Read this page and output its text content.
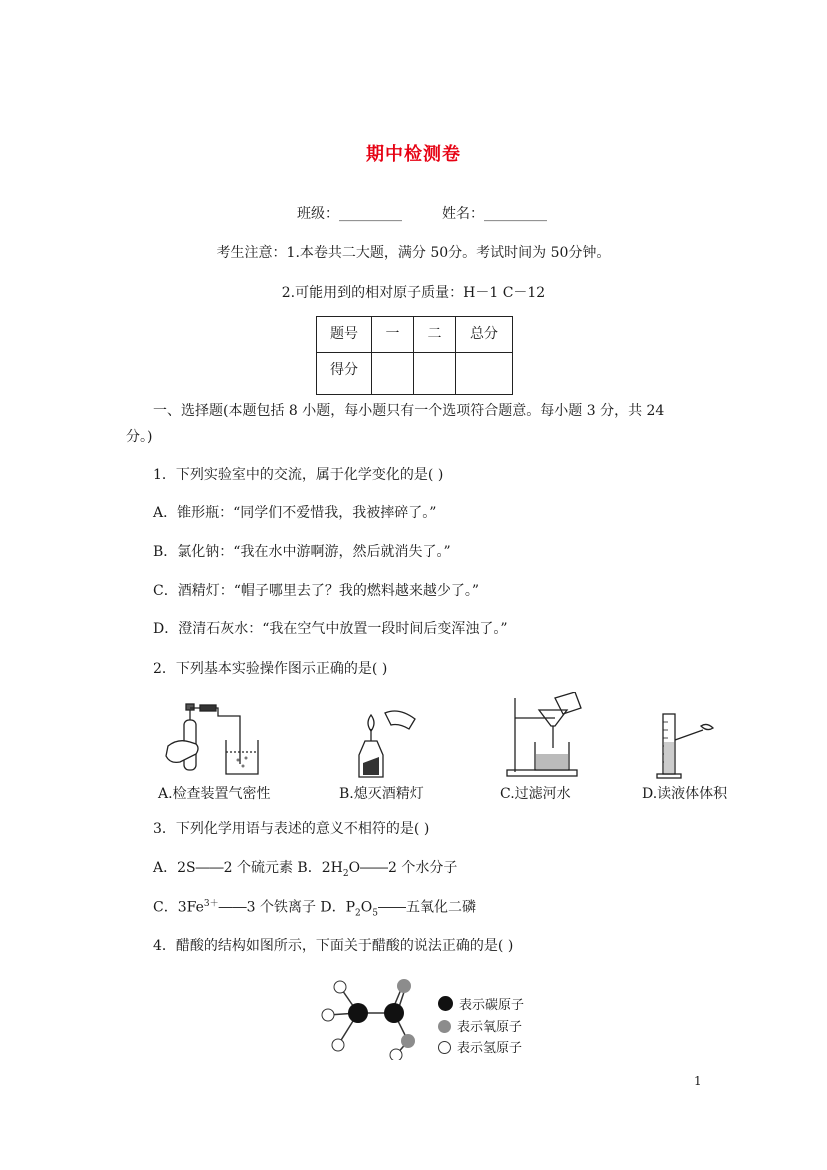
期中检测卷
班级：_________	姓名：_________
考生注意：1.本卷共二大题，满分 50分。考试时间为 50分钟。
2.可能用到的相对原子质量：H－1 C－12
题号	一	二	总分
得分			
一、选择题(本题包括 8 小题，每小题只有一个选项符合题意。每小题 3 分，共 24
分。)
1．下列实验室中的交流，属于化学变化的是( )
A．锥形瓶：“同学们不爱惜我，我被摔碎了。”
B．氯化钠：“我在水中游啊游，然后就消失了。”
C．酒精灯：“帽子哪里去了？我的燃料越来越少了。”
D．澄清石灰水：“我在空气中放置一段时间后变浑浊了。”
2．下列基本实验操作图示正确的是( )
A.检查装置气密性	B.熄灭酒精灯	C.过滤河水	D.读液体体积
3．下列化学用语与表述的意义不相符的是( )
A．2S――2 个硫元素 B．$2H_2O――2$ 个水分子
C．$3Fe^{3+}――3$ 个铁离子 D．$P_2O_5――$五氧化二磷
4．醋酸的结构如图所示，下面关于醋酸的说法正确的是( )
表示碳原子
表示氧原子
表示氢原子
1
